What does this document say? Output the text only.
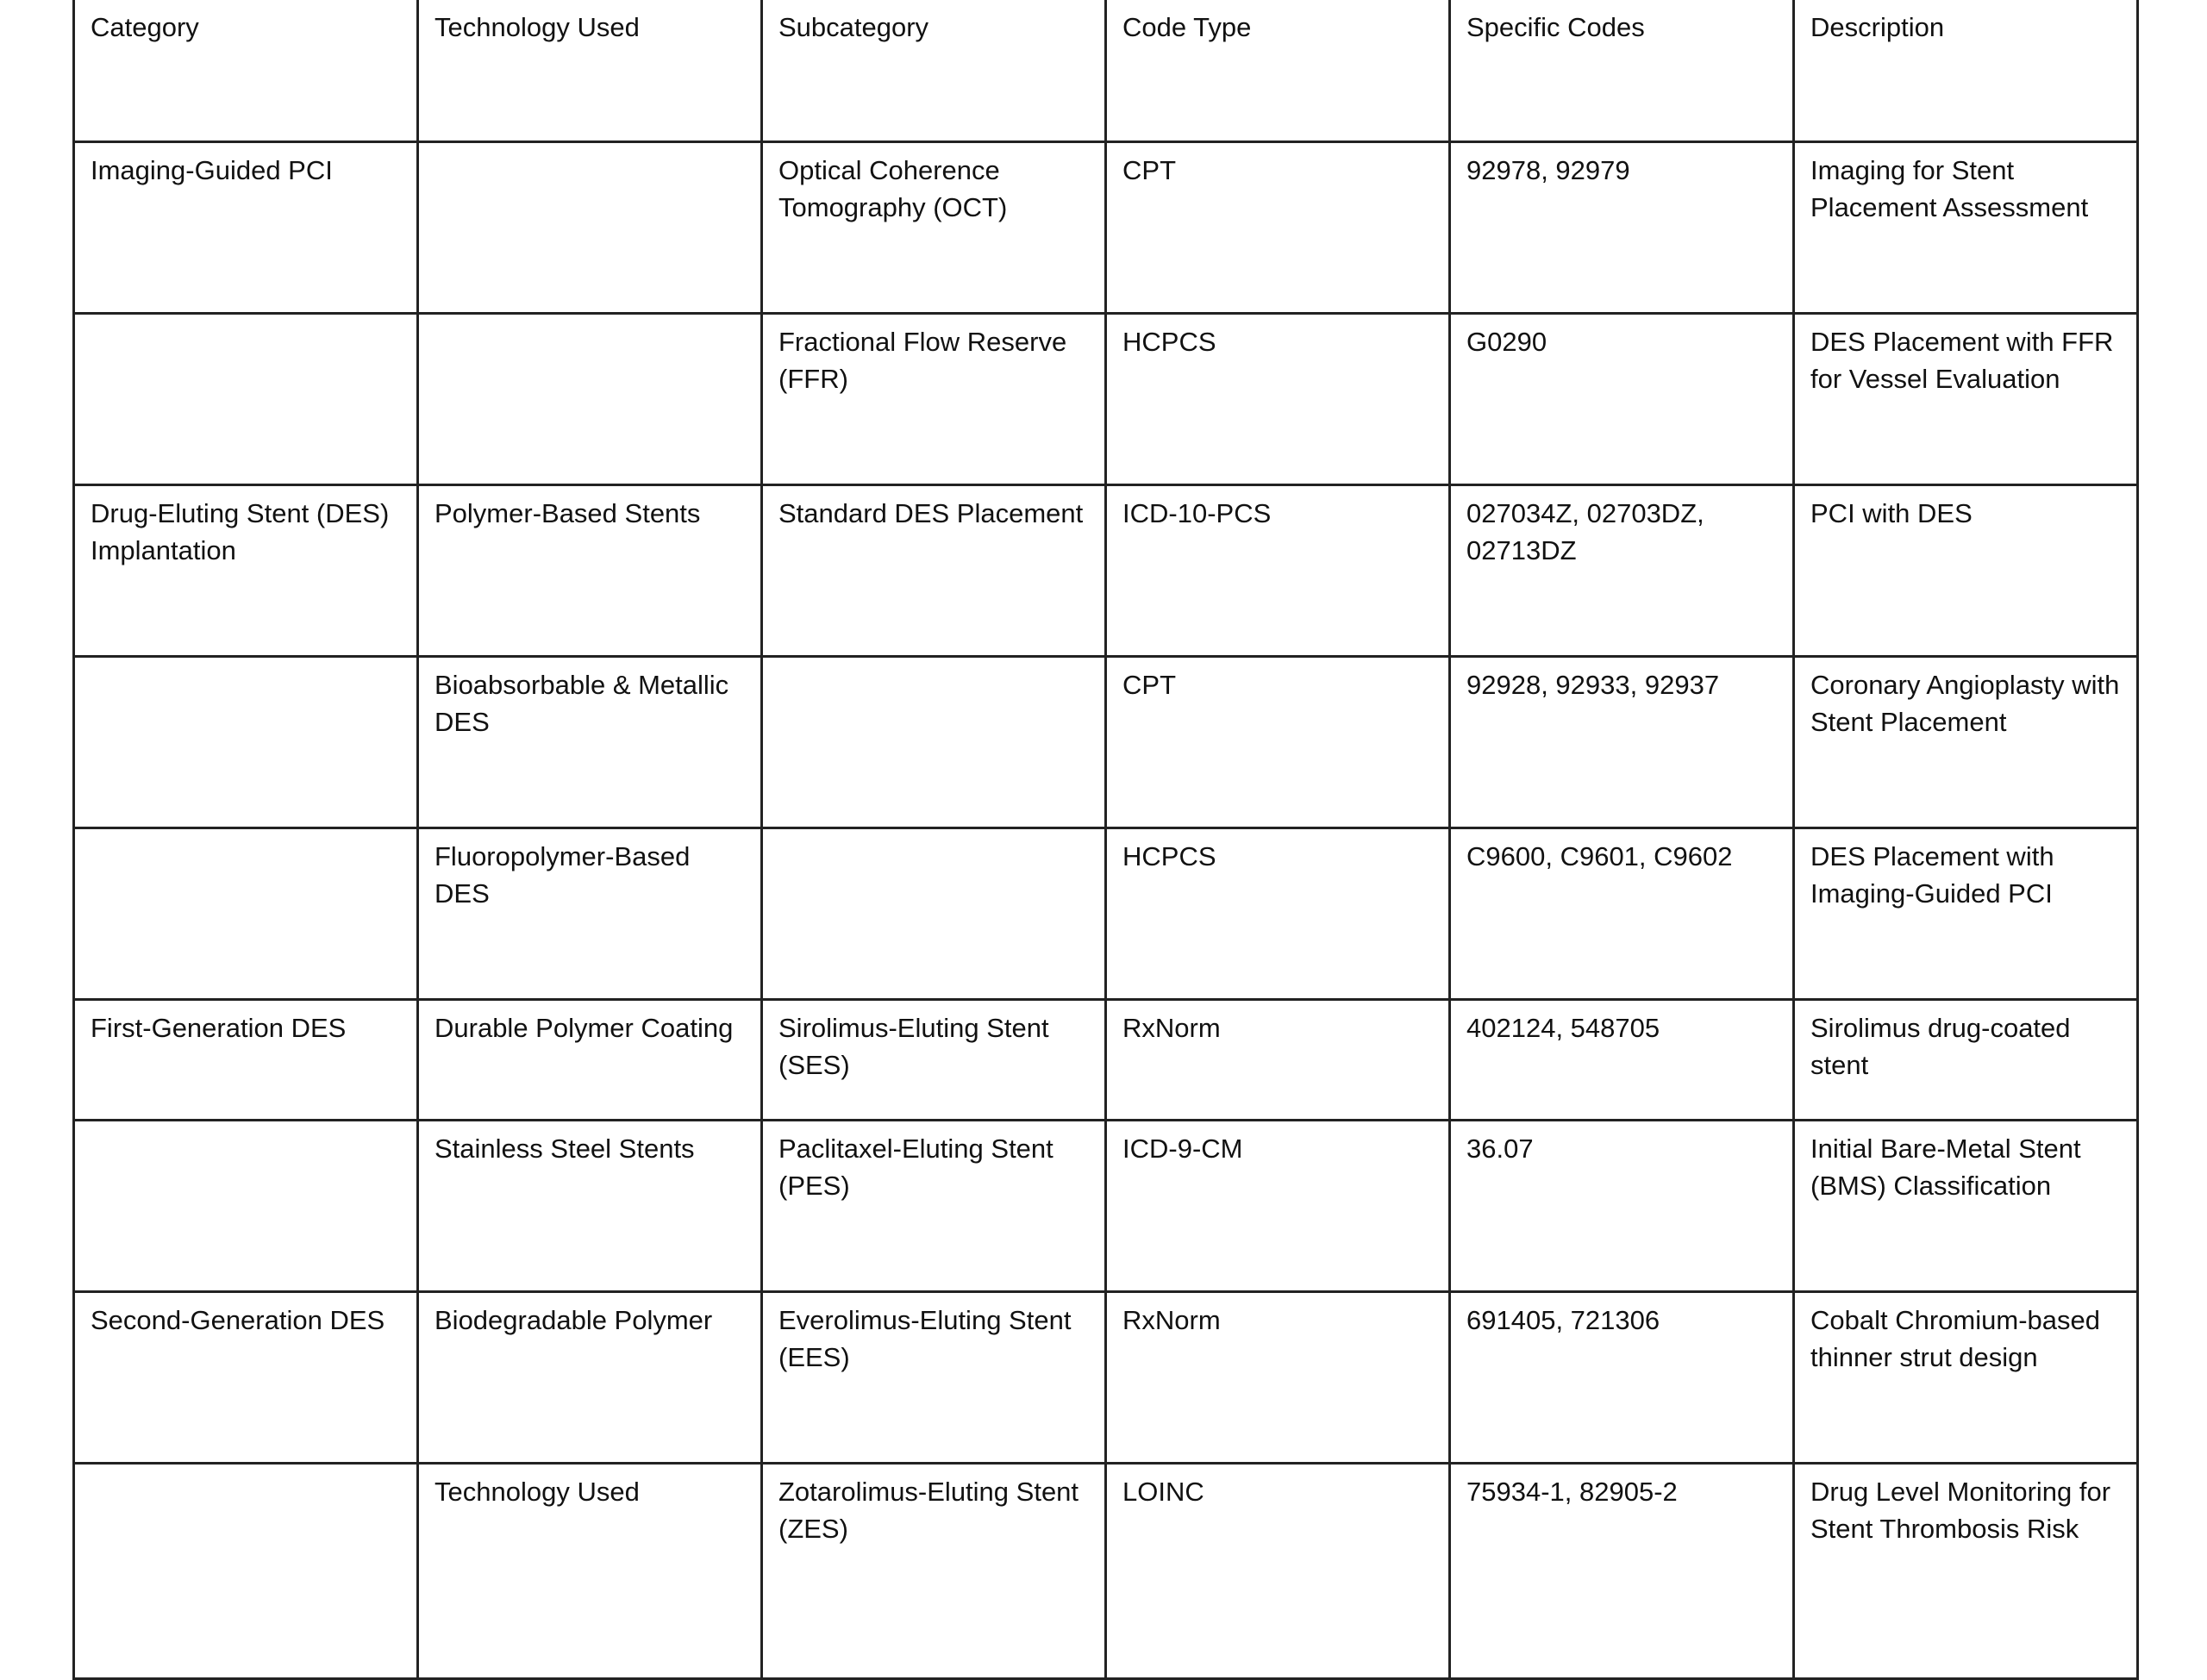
Category	Technology Used	Subcategory	Code Type	Specific Codes	Description
Imaging-Guided PCI		Optical Coherence Tomography (OCT)	CPT	92978, 92979	Imaging for Stent Placement Assessment
		Fractional Flow Reserve (FFR)	HCPCS	G0290	DES Placement with FFR for Vessel Evaluation
Drug-Eluting Stent (DES) Implantation	Polymer-Based Stents	Standard DES Placement	ICD-10-PCS	027034Z, 02703DZ, 02713DZ	PCI with DES
	Bioabsorbable & Metallic DES		CPT	92928, 92933, 92937	Coronary Angioplasty with Stent Placement
	Fluoropolymer-Based DES		HCPCS	C9600, C9601, C9602	DES Placement with Imaging-Guided PCI
First-Generation DES	Durable Polymer Coating	Sirolimus-Eluting Stent (SES)	RxNorm	402124, 548705	Sirolimus drug-coated stent
	Stainless Steel Stents	Paclitaxel-Eluting Stent (PES)	ICD-9-CM	36.07	Initial Bare-Metal Stent (BMS) Classification
Second-Generation DES	Biodegradable Polymer	Everolimus-Eluting Stent (EES)	RxNorm	691405, 721306	Cobalt Chromium-based thinner strut design
	Technology Used	Zotarolimus-Eluting Stent (ZES)	LOINC	75934-1, 82905-2	Drug Level Monitoring for Stent Thrombosis Risk
